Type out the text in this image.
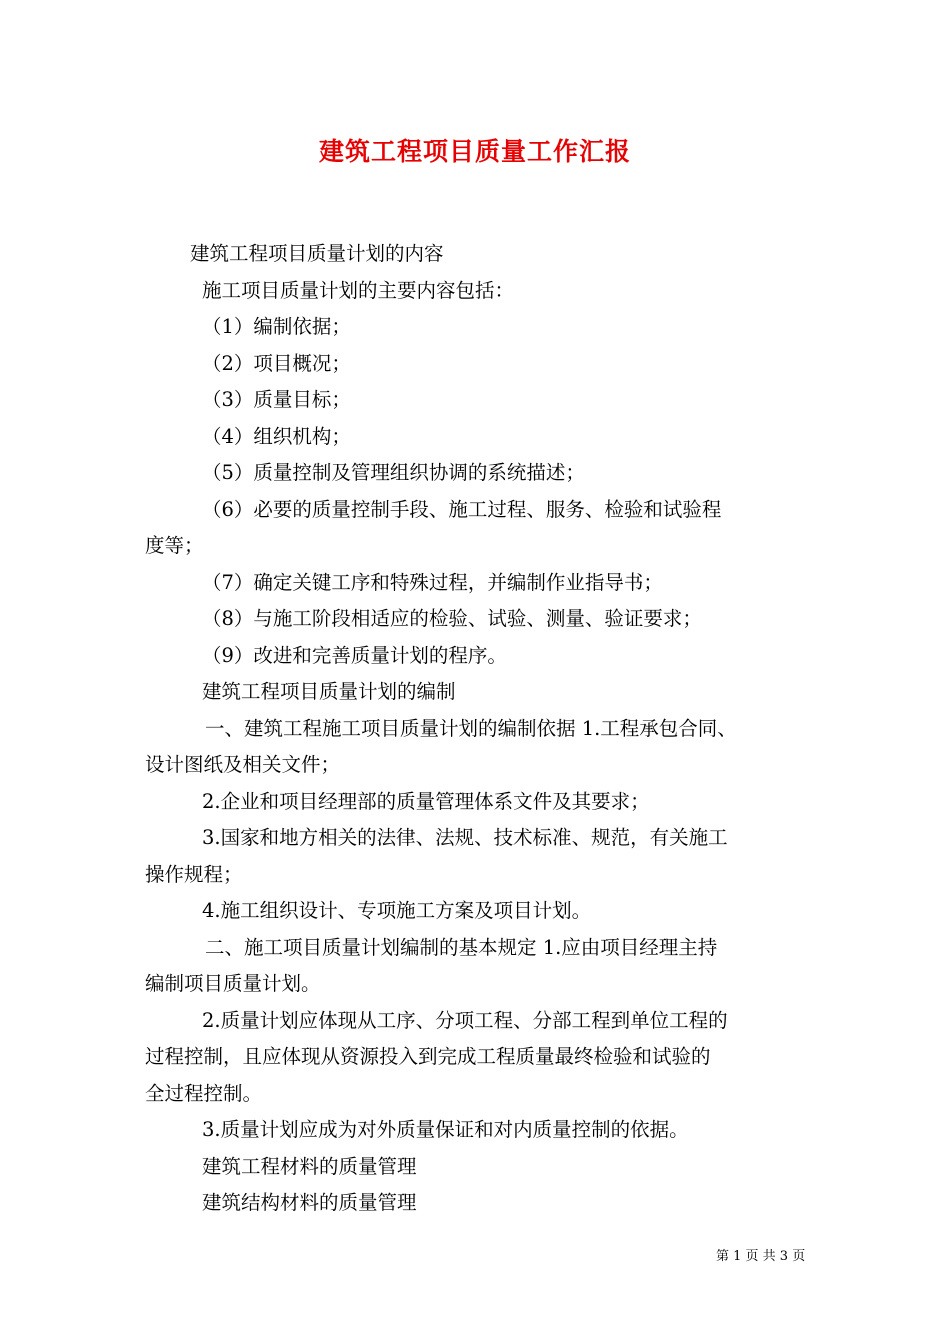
建筑工程项目质量工作汇报
建筑工程项目质量计划的内容
施工项目质量计划的主要内容包括：
（1）编制依据；
（2）项目概况；
（3）质量目标；
（4）组织机构；
（5）质量控制及管理组织协调的系统描述；
（6）必要的质量控制手段、施工过程、服务、检验和试验程
度等；
（7）确定关键工序和特殊过程，并编制作业指导书；
（8）与施工阶段相适应的检验、试验、测量、验证要求；
（9）改进和完善质量计划的程序。
建筑工程项目质量计划的编制
一、建筑工程施工项目质量计划的编制依据 1.工程承包合同、
设计图纸及相关文件；
2.企业和项目经理部的质量管理体系文件及其要求；
3.国家和地方相关的法律、法规、技术标准、规范，有关施工
操作规程；
4.施工组织设计、专项施工方案及项目计划。
二、施工项目质量计划编制的基本规定 1.应由项目经理主持
编制项目质量计划。
2.质量计划应体现从工序、分项工程、分部工程到单位工程的
过程控制，且应体现从资源投入到完成工程质量最终检验和试验的
全过程控制。
3.质量计划应成为对外质量保证和对内质量控制的依据。
建筑工程材料的质量管理
建筑结构材料的质量管理
第 1 页 共 3 页
